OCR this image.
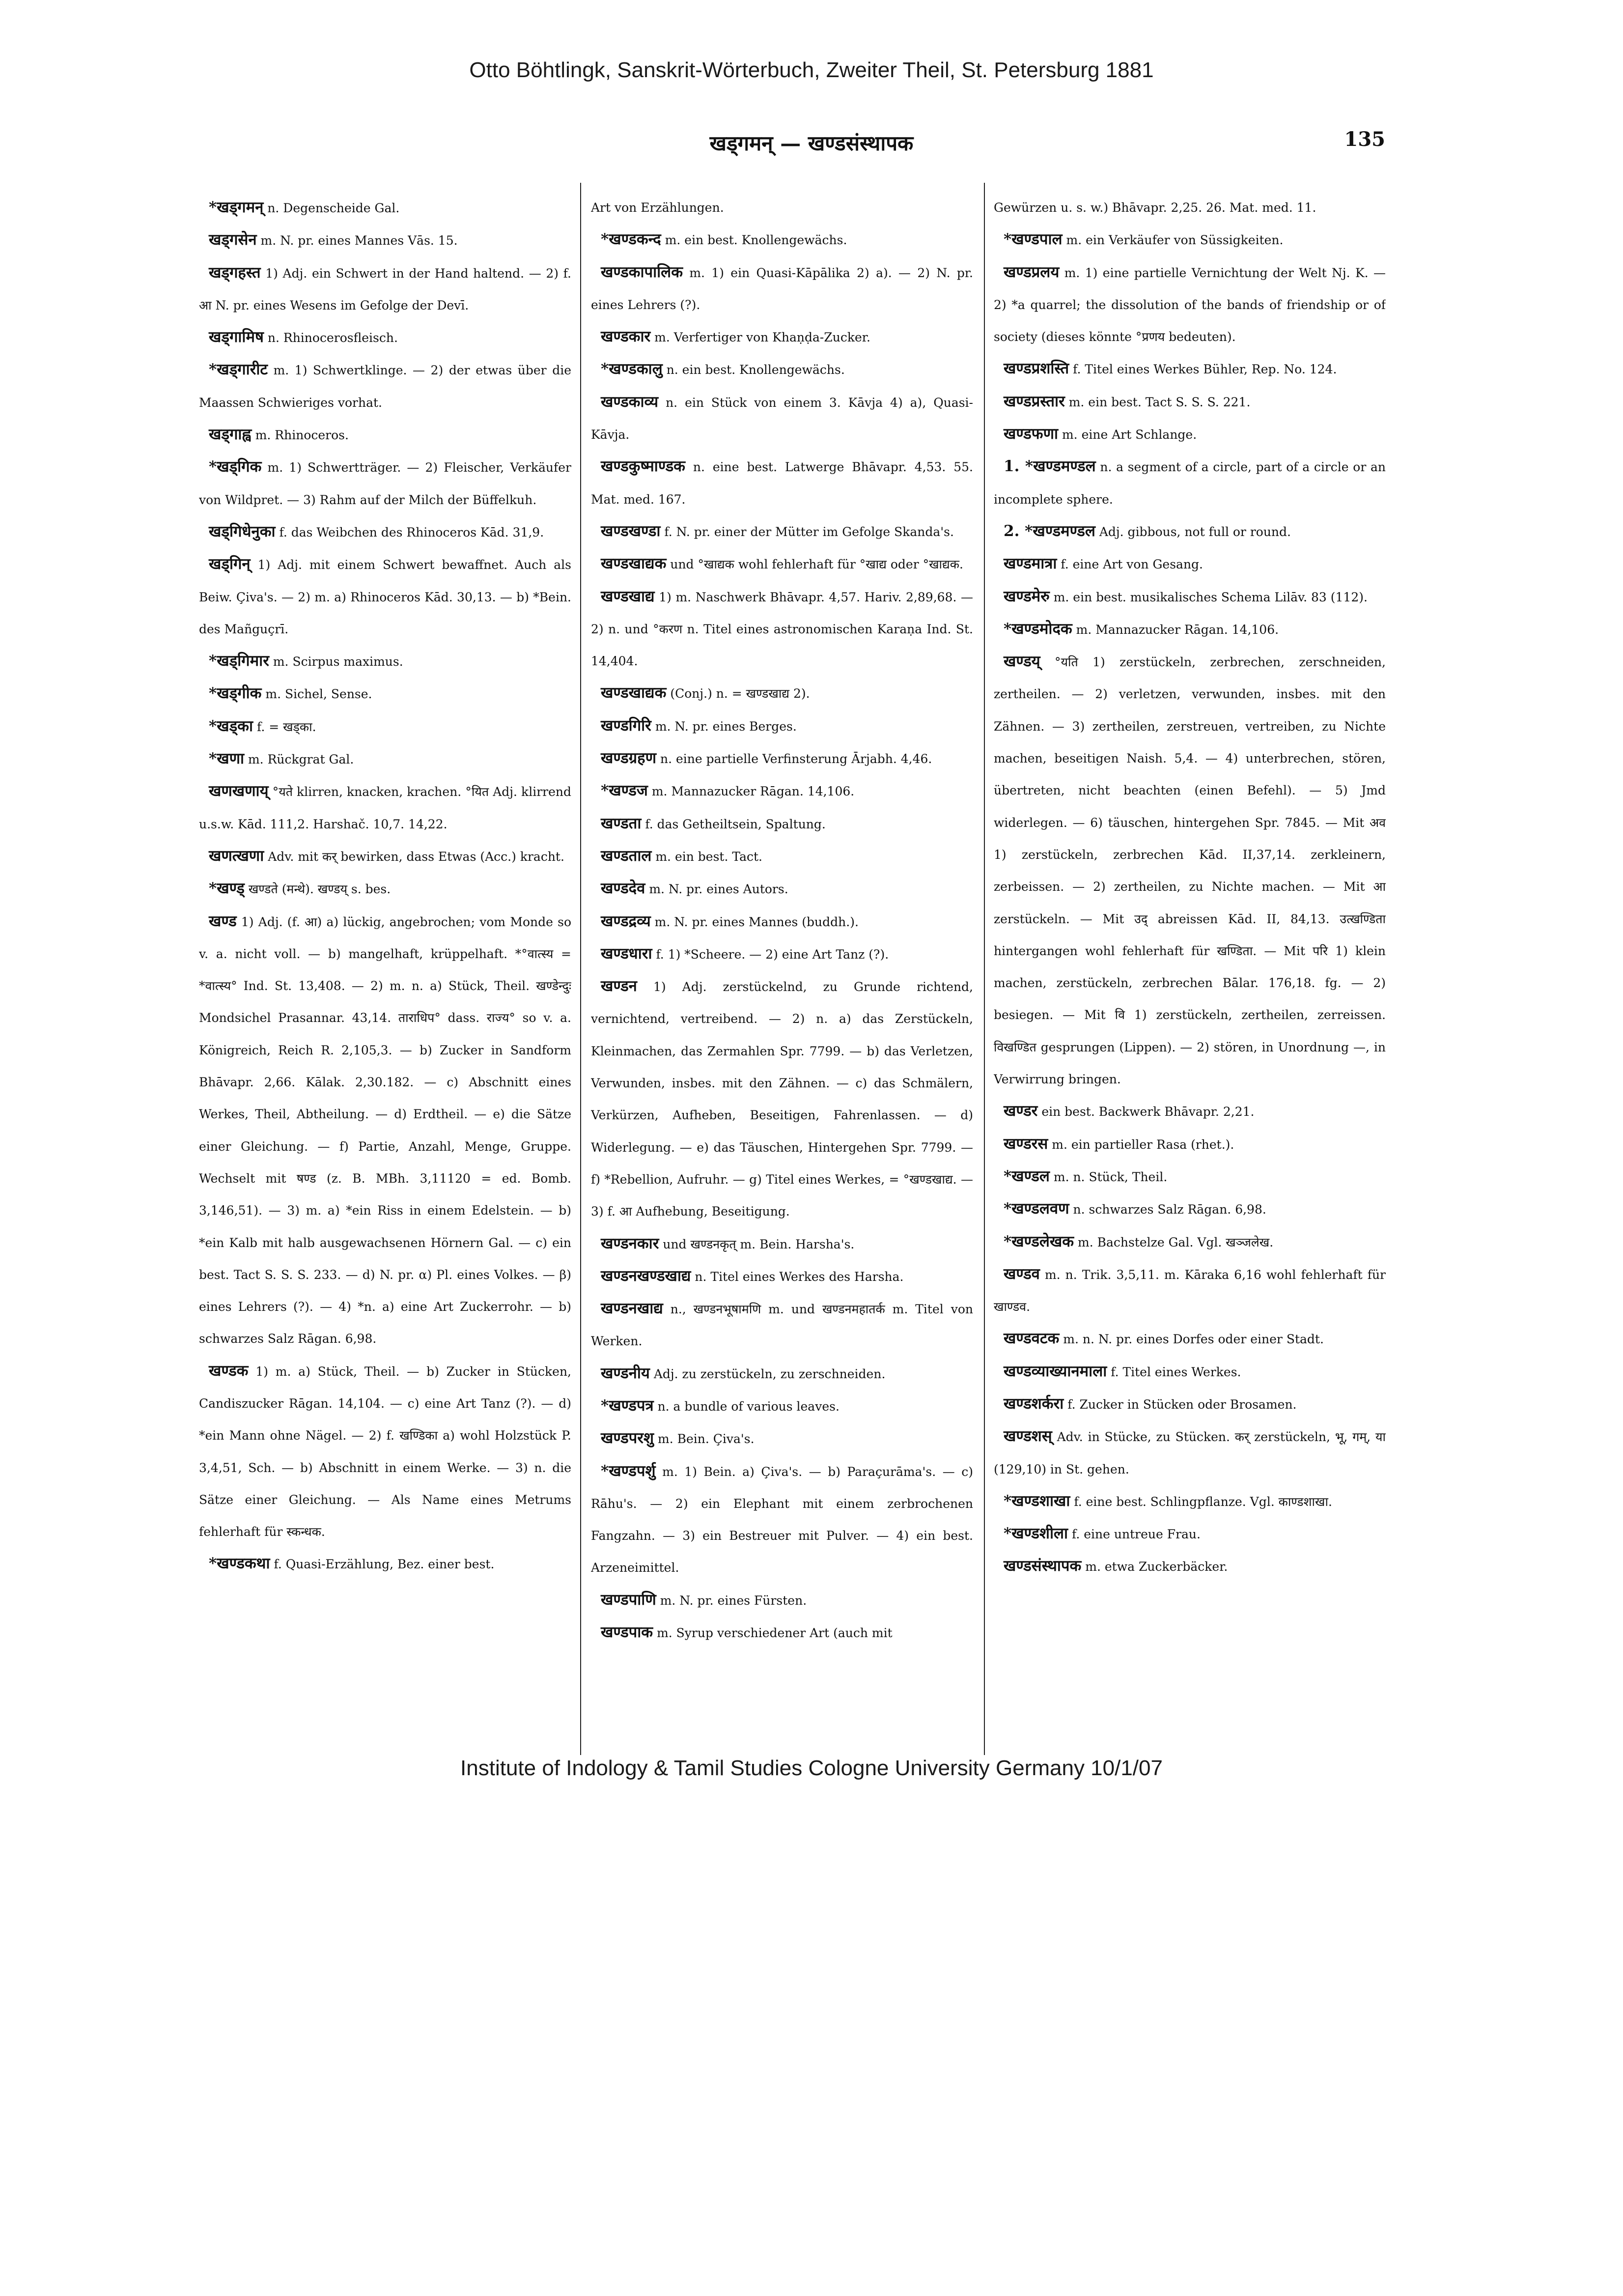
Otto Böhtlingk, Sanskrit-Wörterbuch, Zweiter Theil, St. Petersburg 1881
खड्गमन् — खण्डसंस्थापक	135

*खड्गमन् n. Degenscheide Gal.

खड्गसेन m. N. pr. eines Mannes Vās. 15.

खड्गहस्त 1) Adj. ein Schwert in der Hand haltend. — 2) f. आ N. pr. eines Wesens im Gefolge der Devī.

खड्गामिष n. Rhinocerosfleisch.

*खड्गारीट m. 1) Schwertklinge. — 2) der etwas über die Maassen Schwieriges vorhat.

खड्गाह्व m. Rhinoceros.

*खड्गिक m. 1) Schwertträger. — 2) Fleischer, Verkäufer von Wildpret. — 3) Rahm auf der Milch der Büffelkuh.

खड्गिधेनुका f. das Weibchen des Rhinoceros Kād. 31,9.

खड्गिन् 1) Adj. mit einem Schwert bewaffnet. Auch als Beiw. Çiva's. — 2) m. a) Rhinoceros Kād. 30,13. — b) *Bein. des Mañguçrī.

*खड्गिमार m. Scirpus maximus.

*खड्गीक m. Sichel, Sense.

*खड्का f. = खड्का.

*खणा m. Rückgrat Gal.

खणखणाय् °यते klirren, knacken, krachen. °यित Adj. klirrend u.s.w. Kād. 111,2. Harshač. 10,7. 14,22.

खणत्खणा Adv. mit कर् bewirken, dass Etwas (Acc.) kracht.

*खण्ड् खण्डते (मन्थे). खण्डय् s. bes.

खण्ड 1) Adj. (f. आ) a) lückig, angebrochen; vom Monde so v. a. nicht voll. — b) mangelhaft, krüppelhaft. *°वात्स्य = *वात्स्य° Ind. St. 13,408. — 2) m. n. a) Stück, Theil. खण्डेन्दुः Mondsichel Prasannar. 43,14. ताराधिप° dass. राज्य° so v. a. Königreich, Reich R. 2,105,3. — b) Zucker in Sandform Bhāvapr. 2,66. Kālak. 2,30.182. — c) Abschnitt eines Werkes, Theil, Abtheilung. — d) Erdtheil. — e) die Sätze einer Gleichung. — f) Partie, Anzahl, Menge, Gruppe. Wechselt mit षण्ड (z. B. MBh. 3,11120 = ed. Bomb. 3,146,51). — 3) m. a) *ein Riss in einem Edelstein. — b) *ein Kalb mit halb ausgewachsenen Hörnern Gal. — c) ein best. Tact S. S. S. 233. — d) N. pr. α) Pl. eines Volkes. — β) eines Lehrers (?). — 4) *n. a) eine Art Zuckerrohr. — b) schwarzes Salz Rāgan. 6,98.

खण्डक 1) m. a) Stück, Theil. — b) Zucker in Stücken, Candiszucker Rāgan. 14,104. — c) eine Art Tanz (?). — d) *ein Mann ohne Nägel. — 2) f. खण्डिका a) wohl Holzstück P. 3,4,51, Sch. — b) Abschnitt in einem Werke. — 3) n. die Sätze einer Gleichung. — Als Name eines Metrums fehlerhaft für स्कन्धक.

*खण्डकथा f. Quasi-Erzählung, Bez. einer best.

Art von Erzählungen.

*खण्डकन्द m. ein best. Knollengewächs.

खण्डकापालिक m. 1) ein Quasi-Kāpālika 2) a). — 2) N. pr. eines Lehrers (?).

खण्डकार m. Verfertiger von Khaṇḍa-Zucker.

*खण्डकालु n. ein best. Knollengewächs.

खण्डकाव्य n. ein Stück von einem 3. Kāvja 4) a), Quasi-Kāvja.

खण्डकुष्माण्डक n. eine best. Latwerge Bhāvapr. 4,53. 55. Mat. med. 167.

खण्डखण्डा f. N. pr. einer der Mütter im Gefolge Skanda's.

खण्डखाद्यक und °खाद्यक wohl fehlerhaft für °खाद्य oder °खाद्यक.

खण्डखाद्य 1) m. Naschwerk Bhāvapr. 4,57. Hariv. 2,89,68. — 2) n. und °करण n. Titel eines astronomischen Karaṇa Ind. St. 14,404.

खण्डखाद्यक (Conj.) n. = खण्डखाद्य 2).

खण्डगिरि m. N. pr. eines Berges.

खण्डग्रहण n. eine partielle Verfinsterung Ārjabh. 4,46.

*खण्डज m. Mannazucker Rāgan. 14,106.

खण्डता f. das Getheiltsein, Spaltung.

खण्डताल m. ein best. Tact.

खण्डदेव m. N. pr. eines Autors.

खण्डद्रव्य m. N. pr. eines Mannes (buddh.).

खण्डधारा f. 1) *Scheere. — 2) eine Art Tanz (?).

खण्डन 1) Adj. zerstückelnd, zu Grunde richtend, vernichtend, vertreibend. — 2) n. a) das Zerstückeln, Kleinmachen, das Zermahlen Spr. 7799. — b) das Verletzen, Verwunden, insbes. mit den Zähnen. — c) das Schmälern, Verkürzen, Aufheben, Beseitigen, Fahrenlassen. — d) Widerlegung. — e) das Täuschen, Hintergehen Spr. 7799. — f) *Rebellion, Aufruhr. — g) Titel eines Werkes, = °खण्डखाद्य. — 3) f. आ Aufhebung, Beseitigung.

खण्डनकार und खण्डनकृत् m. Bein. Harsha's.

खण्डनखण्डखाद्य n. Titel eines Werkes des Harsha.

खण्डनखाद्य n., खण्डनभूषामणि m. und खण्डनमहातर्क m. Titel von Werken.

खण्डनीय Adj. zu zerstückeln, zu zerschneiden.

*खण्डपत्र n. a bundle of various leaves.

खण्डपरशु m. Bein. Çiva's.

*खण्डपर्शु m. 1) Bein. a) Çiva's. — b) Paraçurāma's. — c) Rāhu's. — 2) ein Elephant mit einem zerbrochenen Fangzahn. — 3) ein Bestreuer mit Pulver. — 4) ein best. Arzeneimittel.

खण्डपाणि m. N. pr. eines Fürsten.

खण्डपाक m. Syrup verschiedener Art (auch mit

Gewürzen u. s. w.) Bhāvapr. 2,25. 26. Mat. med. 11.

*खण्डपाल m. ein Verkäufer von Süssigkeiten.

खण्डप्रलय m. 1) eine partielle Vernichtung der Welt Nj. K. — 2) *a quarrel; the dissolution of the bands of friendship or of society (dieses könnte °प्रणय bedeuten).

खण्डप्रशस्ति f. Titel eines Werkes Bühler, Rep. No. 124.

खण्डप्रस्तार m. ein best. Tact S. S. S. 221.

खण्डफणा m. eine Art Schlange.

1. *खण्डमण्डल n. a segment of a circle, part of a circle or an incomplete sphere.

2. *खण्डमण्डल Adj. gibbous, not full or round.

खण्डमात्रा f. eine Art von Gesang.

खण्डमेरु m. ein best. musikalisches Schema Lilāv. 83 (112).

*खण्डमोदक m. Mannazucker Rāgan. 14,106.

खण्डय् °यति 1) zerstückeln, zerbrechen, zerschneiden, zertheilen. — 2) verletzen, verwunden, insbes. mit den Zähnen. — 3) zertheilen, zerstreuen, vertreiben, zu Nichte machen, beseitigen Naish. 5,4. — 4) unterbrechen, stören, übertreten, nicht beachten (einen Befehl). — 5) Jmd widerlegen. — 6) täuschen, hintergehen Spr. 7845. — Mit अव 1) zerstückeln, zerbrechen Kād. II,37,14. zerkleinern, zerbeissen. — 2) zertheilen, zu Nichte machen. — Mit आ zerstückeln. — Mit उद् abreissen Kād. II, 84,13. उत्खण्डिता hintergangen wohl fehlerhaft für खण्डिता. — Mit परि 1) klein machen, zerstückeln, zerbrechen Bālar. 176,18. fg. — 2) besiegen. — Mit वि 1) zerstückeln, zertheilen, zerreissen. विखण्डित gesprungen (Lippen). — 2) stören, in Unordnung —, in Verwirrung bringen.

खण्डर ein best. Backwerk Bhāvapr. 2,21.

खण्डरस m. ein partieller Rasa (rhet.).

*खण्डल m. n. Stück, Theil.

*खण्डलवण n. schwarzes Salz Rāgan. 6,98.

*खण्डलेखक m. Bachstelze Gal. Vgl. खञ्जलेख.

खण्डव m. n. Trik. 3,5,11. m. Kāraka 6,16 wohl fehlerhaft für खाण्डव.

खण्डवटक m. n. N. pr. eines Dorfes oder einer Stadt.

खण्डव्याख्यानमाला f. Titel eines Werkes.

खण्डशर्करा f. Zucker in Stücken oder Brosamen.

खण्डशस् Adv. in Stücke, zu Stücken. कर् zerstückeln, भू, गम्, या (129,10) in St. gehen.

*खण्डशाखा f. eine best. Schlingpflanze. Vgl. काण्डशाखा.

*खण्डशीला f. eine untreue Frau.

खण्डसंस्थापक m. etwa Zuckerbäcker.

Institute of Indology & Tamil Studies Cologne University Germany 10/1/07
